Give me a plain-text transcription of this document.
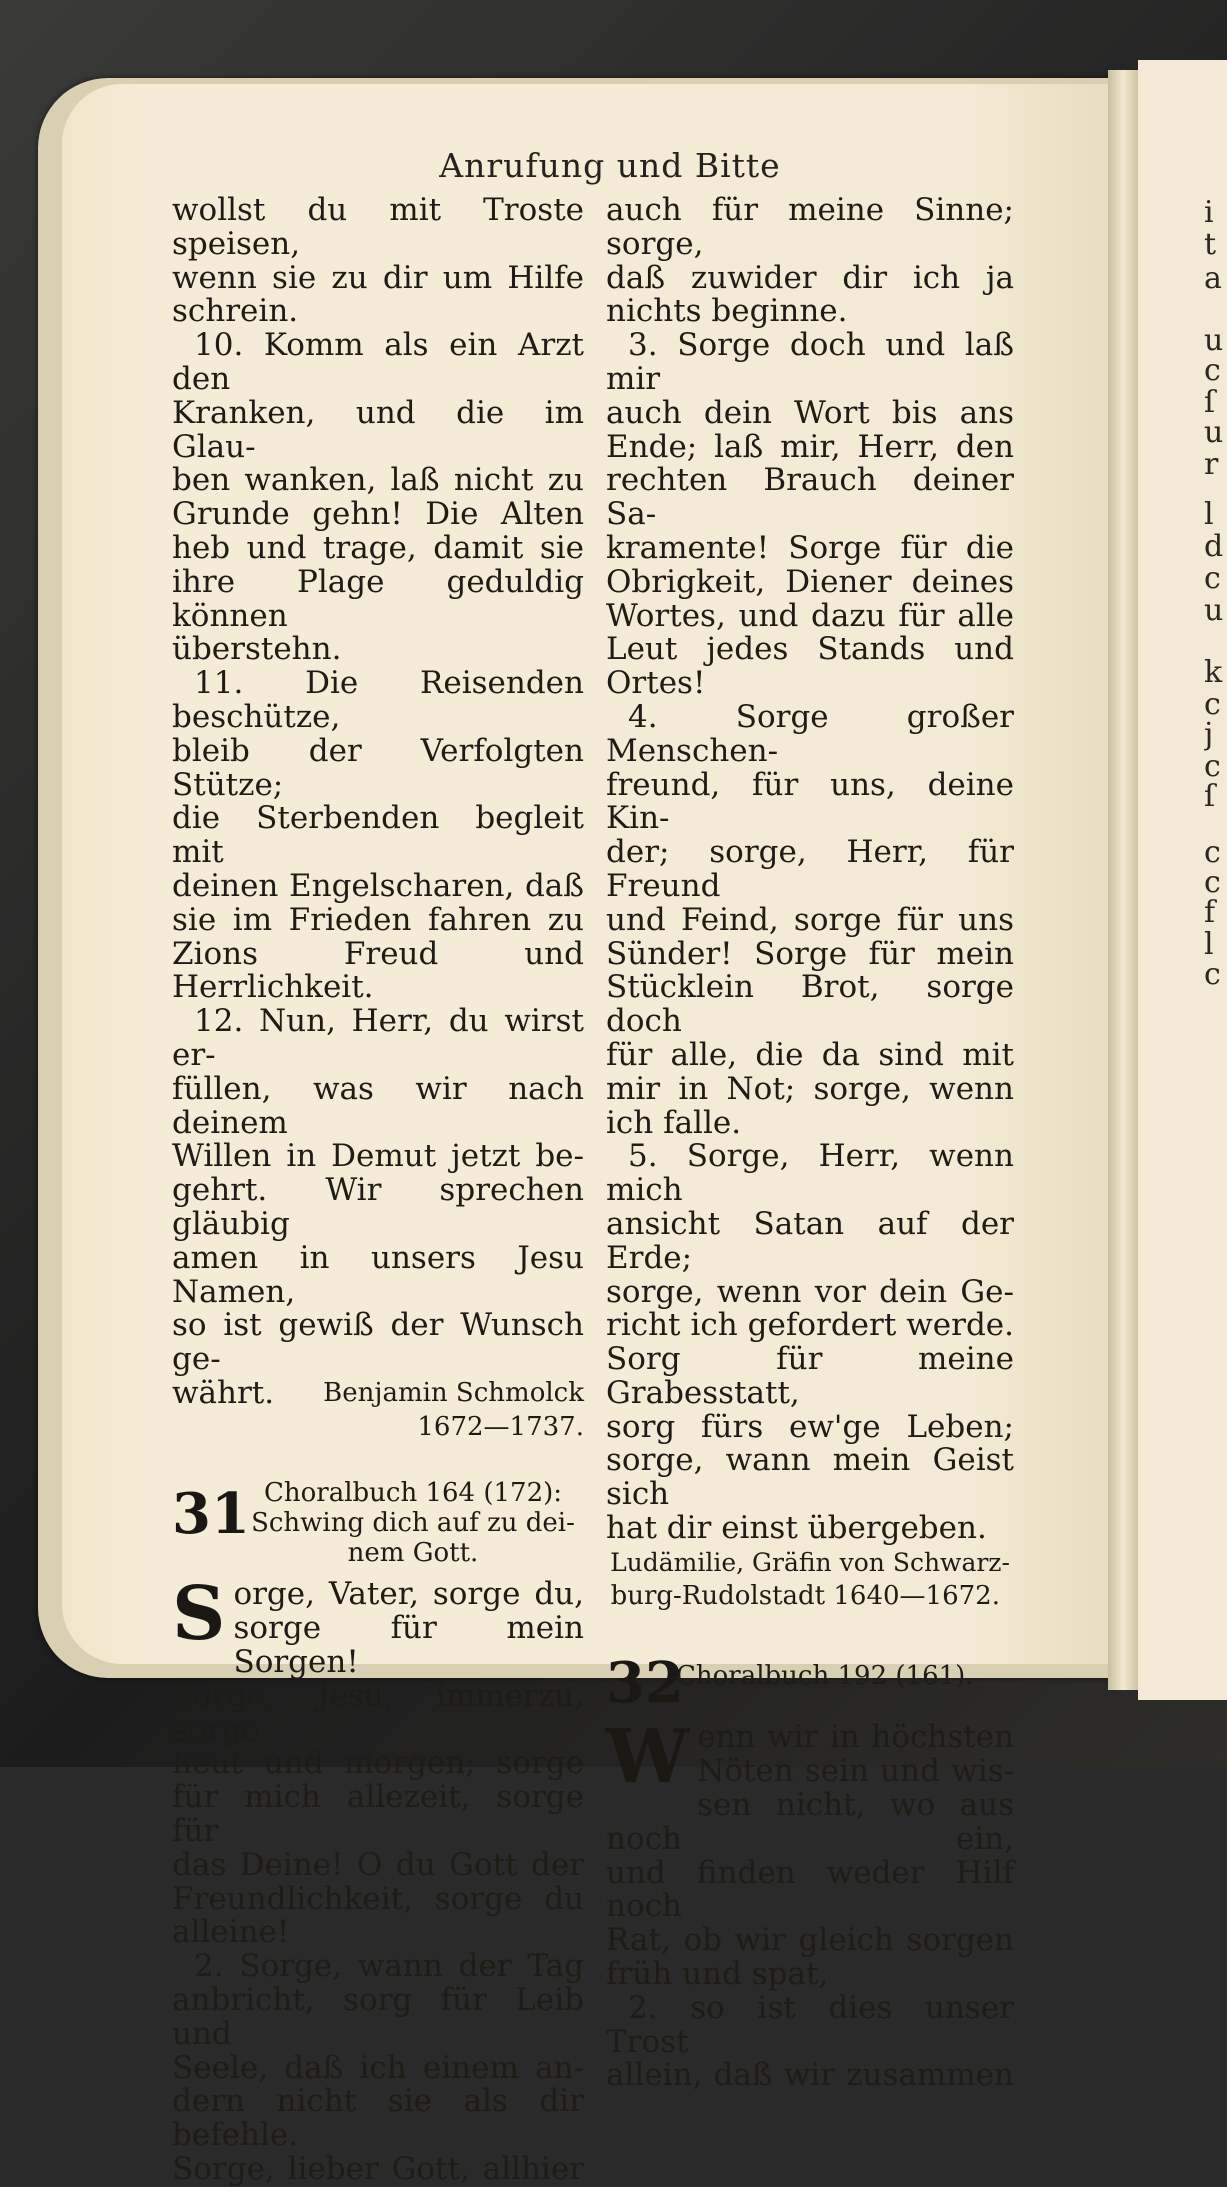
i
t
a
u
c
ſ
u
r
l
d
c
u
k
c
j
c
ſ
c
c
f
l
c
Anrufung und Bitte

wollst du mit Troste speisen,

wenn sie zu dir um Hilfe

schrein.

10. Komm als ein Arzt den

Kranken, und die im Glau-

ben wanken, laß nicht zu

Grunde gehn! Die Alten

heb und trage, damit sie

ihre Plage geduldig können

überstehn.

11. Die Reisenden beschütze,

bleib der Verfolgten Stütze;

die Sterbenden begleit mit

deinen Engelscharen, daß

sie im Frieden fahren zu

Zions Freud und Herrlichkeit.

12. Nun, Herr, du wirst er-

füllen, was wir nach deinem

Willen in Demut jetzt be-

gehrt. Wir sprechen gläubig

amen in unsers Jesu Namen,

so ist gewiß der Wunsch ge-

währt. Benjamin Schmolck
1672—1737.
31 Choralbuch 164 (172):
Schwing dich auf zu dei-
nem Gott.
S orge, Vater, sorge du,

sorge für mein Sorgen!

Sorge, Jesu, immerzu, sorge

heut und morgen; sorge

für mich allezeit, sorge für

das Deine! O du Gott der

Freundlichkeit, sorge du

alleine!

2. Sorge, wann der Tag

anbricht, sorg für Leib und

Seele, daß ich einem an-

dern nicht sie als dir befehle.

Sorge, lieber Gott, allhier

auch für meine Sinne; sorge,

daß zuwider dir ich ja

nichts beginne.

3. Sorge doch und laß mir

auch dein Wort bis ans

Ende; laß mir, Herr, den

rechten Brauch deiner Sa-

kramente! Sorge für die

Obrigkeit, Diener deines

Wortes, und dazu für alle

Leut jedes Stands und

Ortes!

4. Sorge großer Menschen-

freund, für uns, deine Kin-

der; sorge, Herr, für Freund

und Feind, sorge für uns

Sünder! Sorge für mein

Stücklein Brot, sorge doch

für alle, die da sind mit

mir in Not; sorge, wenn

ich falle.

5. Sorge, Herr, wenn mich

ansicht Satan auf der Erde;

sorge, wenn vor dein Ge-

richt ich gefordert werde.

Sorg für meine Grabesstatt,

sorg fürs ew'ge Leben;

sorge, wann mein Geist sich

hat dir einst übergeben.

Ludämilie, Gräfin von Schwarz-
burg-Rudolstadt 1640—1672.
32
Choralbuch 192 (161).
W enn wir in höchsten

Nöten sein und wis-

sen nicht, wo aus noch ein,

und finden weder Hilf noch

Rat, ob wir gleich sorgen

früh und spat,

2. so ist dies unser Trost

allein, daß wir zusammen
